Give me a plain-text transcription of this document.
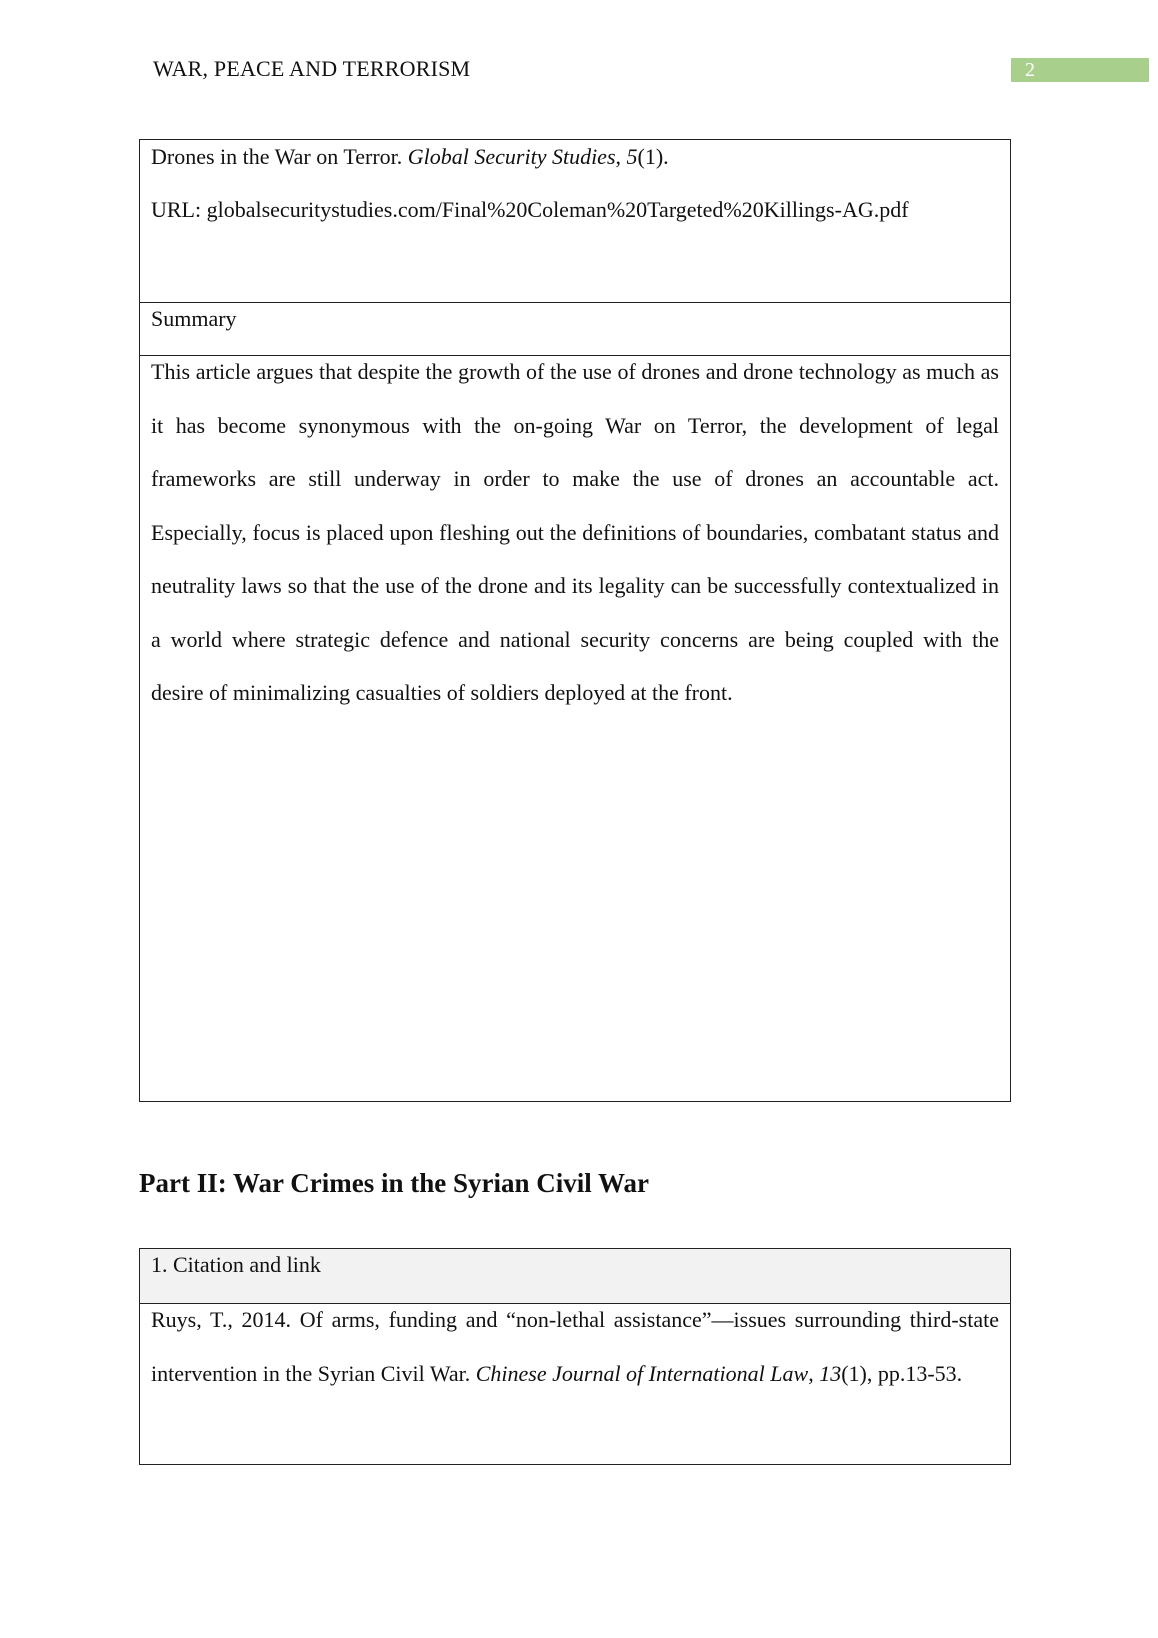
WAR, PEACE AND TERRORISM	2
Drones in the War on Terror. Global Security Studies, 5(1).
URL: globalsecuritystudies.com/Final%20Coleman%20Targeted%20Killings-AG.pdf
Summary
This article argues that despite the growth of the use of drones and drone technology as much as it has become synonymous with the on-going War on Terror, the development of legal frameworks are still underway in order to make the use of drones an accountable act. Especially, focus is placed upon fleshing out the definitions of boundaries, combatant status and neutrality laws so that the use of the drone and its legality can be successfully contextualized in a world where strategic defence and national security concerns are being coupled with the desire of minimalizing casualties of soldiers deployed at the front.
Part II: War Crimes in the Syrian Civil War
1. Citation and link
Ruys, T., 2014. Of arms, funding and “non-lethal assistance”—issues surrounding third-state intervention in the Syrian Civil War. Chinese Journal of International Law, 13(1), pp.13-53.
